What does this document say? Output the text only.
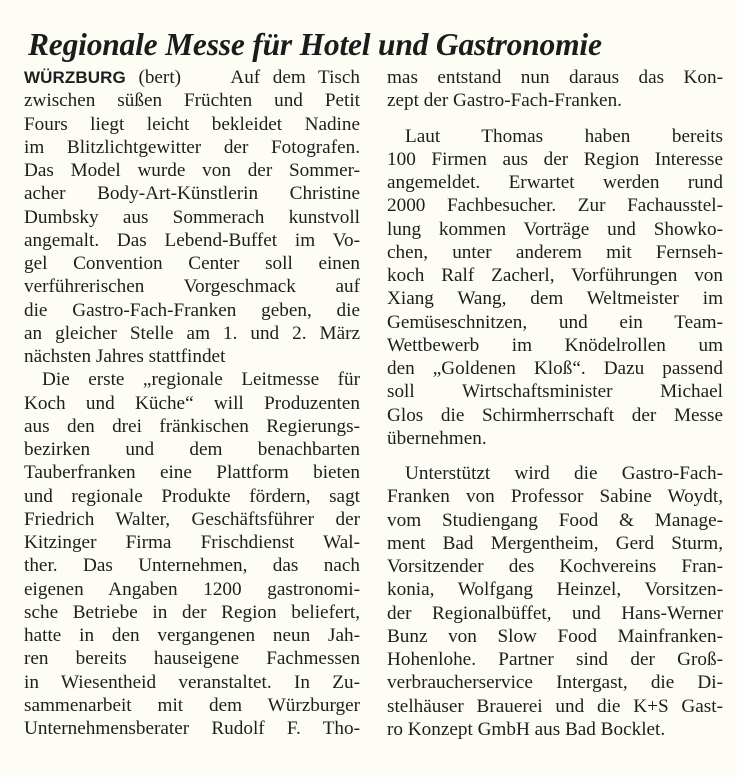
Regionale Messe für Hotel und Gastronomie
WÜRZBURG (bert)	Auf dem Tisch
zwischen süßen Früchten und Petit
Fours liegt leicht bekleidet Nadine
im Blitzlichtgewitter der Fotografen.
Das Model wurde von der Sommer-
acher Body-Art-Künstlerin Christine
Dumbsky aus Sommerach kunstvoll
angemalt. Das Lebend-Buffet im Vo-
gel Convention Center soll einen
verführerischen Vorgeschmack auf
die Gastro-Fach-Franken geben, die
an gleicher Stelle am 1. und 2. März
nächsten Jahres stattfindet
Die erste „regionale Leitmesse für
Koch und Küche“ will Produzenten
aus den drei fränkischen Regierungs-
bezirken und dem benachbarten
Tauberfranken eine Plattform bieten
und regionale Produkte fördern, sagt
Friedrich Walter, Geschäftsführer der
Kitzinger Firma Frischdienst Wal-
ther. Das Unternehmen, das nach
eigenen Angaben 1200 gastronomi-
sche Betriebe in der Region beliefert,
hatte in den vergangenen neun Jah-
ren bereits hauseigene Fachmessen
in Wiesentheid veranstaltet. In Zu-
sammenarbeit mit dem Würzburger
Unternehmensberater Rudolf F. Tho-
mas entstand nun daraus das Kon-
zept der Gastro-Fach-Franken.
Laut Thomas haben bereits
100 Firmen aus der Region Interesse
angemeldet. Erwartet werden rund
2000 Fachbesucher. Zur Fachausstel-
lung kommen Vorträge und Showko-
chen, unter anderem mit Fernseh-
koch Ralf Zacherl, Vorführungen von
Xiang Wang, dem Weltmeister im
Gemüseschnitzen, und ein Team-
Wettbewerb im Knödelrollen um
den „Goldenen Kloß“. Dazu passend
soll Wirtschaftsminister Michael
Glos die Schirmherrschaft der Messe
übernehmen.
Unterstützt wird die Gastro-Fach-
Franken von Professor Sabine Woydt,
vom Studiengang Food & Manage-
ment Bad Mergentheim, Gerd Sturm,
Vorsitzender des Kochvereins Fran-
konia, Wolfgang Heinzel, Vorsitzen-
der Regionalbüffet, und Hans-Werner
Bunz von Slow Food Mainfranken-
Hohenlohe. Partner sind der Groß-
verbraucherservice Intergast, die Di-
stelhäuser Brauerei und die K+S Gast-
ro Konzept GmbH aus Bad Bocklet.
